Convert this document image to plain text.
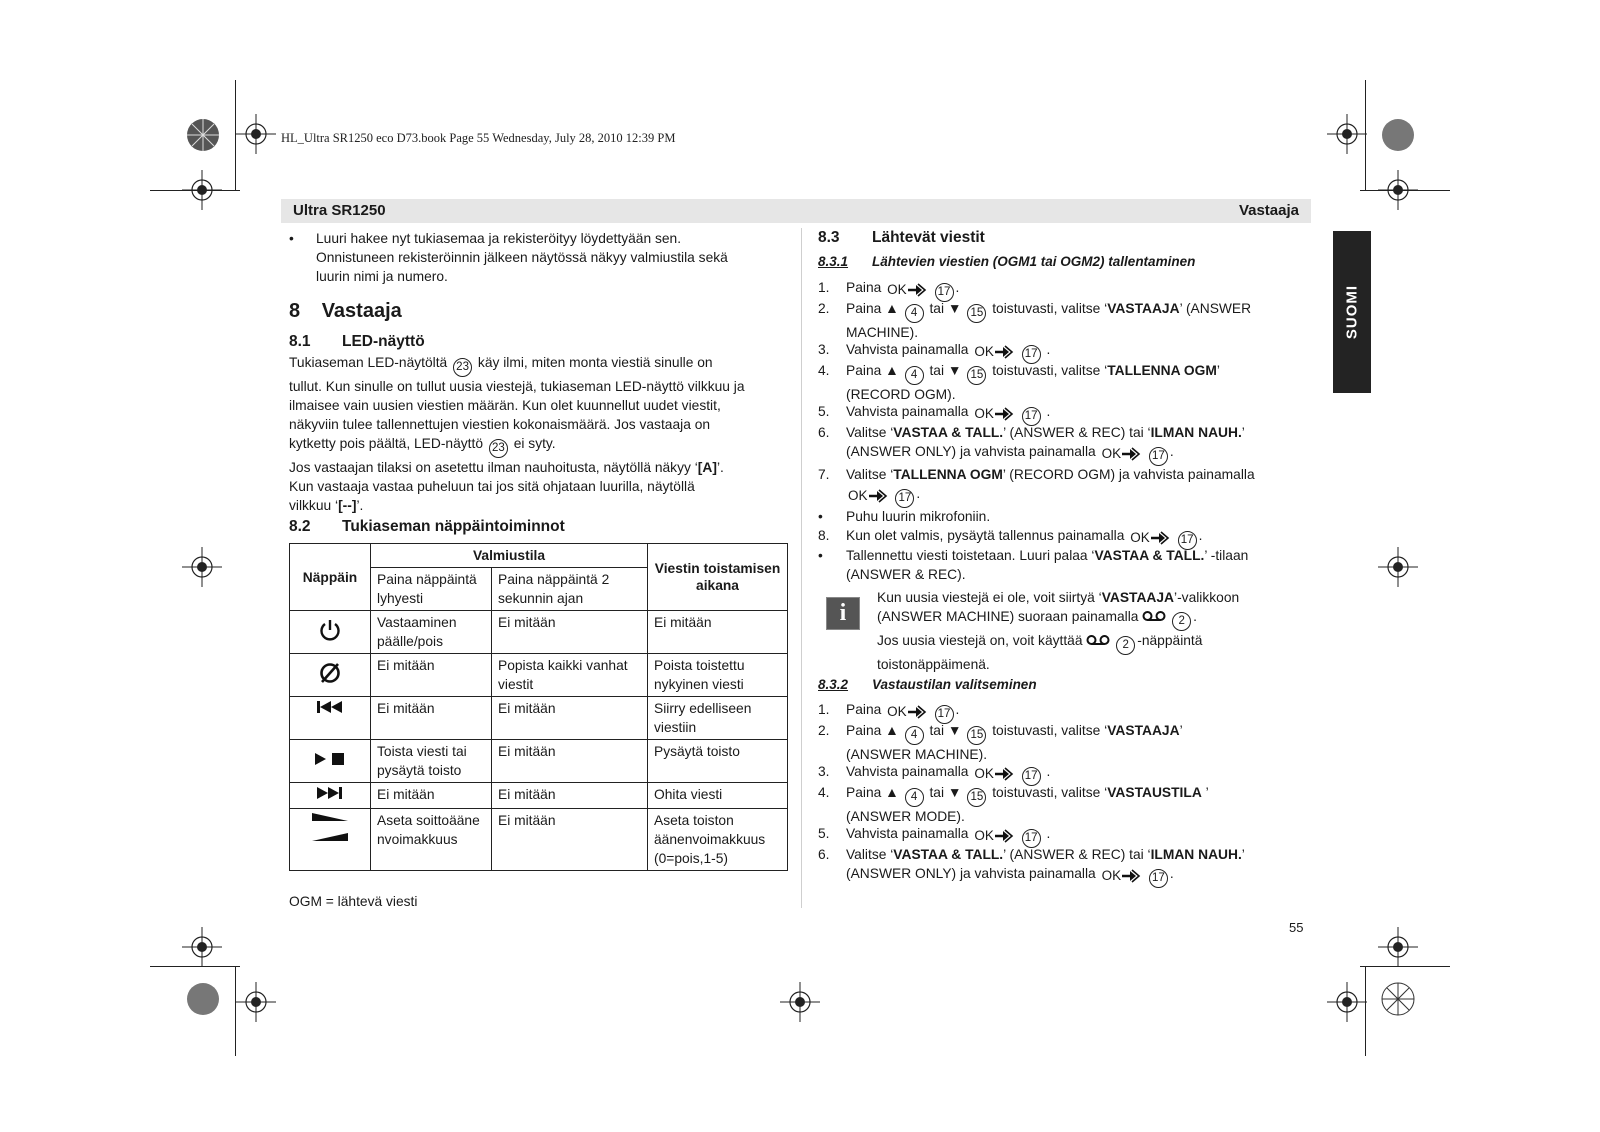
HL_Ultra SR1250 eco D73.book Page 55 Wednesday, July 28, 2010 12:39 PM
Ultra SR1250	Vastaaja
SUOMI
• Luuri hakee nyt tukiasemaa ja rekisteröityy löydettyään sen.
Onnistuneen rekisteröinnin jälkeen näytössä näkyy valmiustila sekä
luurin nimi ja numero.
8 Vastaaja
8.1 LED-näyttö
Tukiaseman LED-näytöltä 23 käy ilmi, miten monta viestiä sinulle on
tullut. Kun sinulle on tullut uusia viestejä, tukiaseman LED-näyttö vilkkuu ja
ilmaisee vain uusien viestien määrän. Kun olet kuunnellut uudet viestit,
näkyviin tulee tallennettujen viestien kokonaismäärä. Jos vastaaja on
kytketty pois päältä, LED-näyttö 23 ei syty.
Jos vastaajan tilaksi on asetettu ilman nauhoitusta, näytöllä näkyy ‘[A]’.
Kun vastaaja vastaa puheluun tai jos sitä ohjataan luurilla, näytöllä
vilkkuu ‘[--]’.
8.2 Tukiaseman näppäintoiminnot
Näppäin	Valmiustila		Viestin toistamisen aikana
	Paina näppäintä lyhyesti	Paina näppäintä 2 sekunnin ajan	
	Vastaaminen päälle/pois	Ei mitään	Ei mitään
	Ei mitään	Popista kaikki vanhat viestit	Poista toistettu nykyinen viesti
	Ei mitään	Ei mitään	Siirry edelliseen viestiin
	Toista viesti tai pysäytä toisto	Ei mitään	Pysäytä toisto
	Ei mitään	Ei mitään	Ohita viesti
	Aseta soittoäänenvoimakkuus	Ei mitään	Aseta toiston äänenvoimakkuus (0=pois,1-5)
OGM = lähtevä viesti
8.3 Lähtevät viestit
8.3.1 Lähtevien viestien (OGM1 tai OGM2) tallentaminen
1. Paina OK	17 .
2. Paina ▲ 4 tai ▼ 15 toistuvasti, valitse ‘VASTAAJA’ (ANSWER
MACHINE).
3. Vahvista painamalla OK	17 .
4. Paina ▲ 4 tai ▼ 15 toistuvasti, valitse ‘TALLENNA OGM’
(RECORD OGM).
5. Vahvista painamalla OK	17 .
6. Valitse ‘VASTAA & TALL.’ (ANSWER & REC) tai ‘ILMAN NAUH.’
(ANSWER ONLY) ja vahvista painamalla OK	17 .
7. Valitse ‘TALLENNA OGM’ (RECORD OGM) ja vahvista painamalla

OK	17 .
• Puhu luurin mikrofoniin.
8. Kun olet valmis, pysäytä tallennus painamalla OK	17 .
• Tallennettu viesti toistetaan. Luuri palaa ‘VASTAA & TALL.’ -tilaan
(ANSWER & REC).
i
Kun uusia viestejä ei ole, voit siirtyä ‘VASTAAJA’-valikkoon
(ANSWER MACHINE) suoraan painamalla	2 .
Jos uusia viestejä on, voit käyttää	2 -näppäintä
toistonäppäimenä.
8.3.2 Vastaustilan valitseminen
1. Paina OK	17 .
2. Paina ▲ 4 tai ▼ 15 toistuvasti, valitse ‘VASTAAJA’
(ANSWER MACHINE).
3. Vahvista painamalla OK	17 .
4. Paina ▲ 4 tai ▼ 15 toistuvasti, valitse ‘VASTAUSTILA ’
(ANSWER MODE).
5. Vahvista painamalla OK	17 .
6. Valitse ‘VASTAA & TALL.’ (ANSWER & REC) tai ‘ILMAN NAUH.’
(ANSWER ONLY) ja vahvista painamalla OK	17 .
55
